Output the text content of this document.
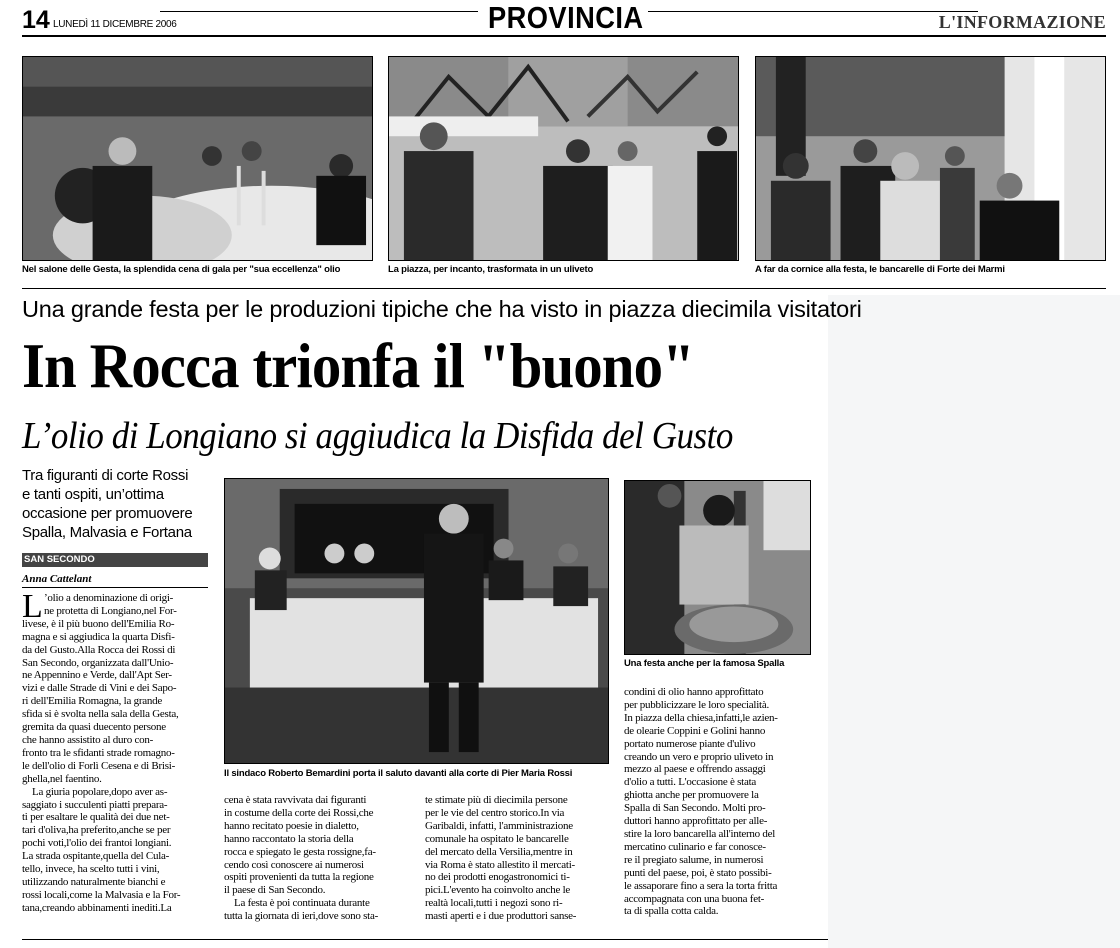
14 LUNEDÌ 11 DICEMBRE 2006	PROVINCIA	L'INFORMAZIONE
Nel salone delle Gesta, la splendida cena di gala per "sua eccellenza" olio	La piazza, per incanto, trasformata in un uliveto	A far da cornice alla festa, le bancarelle di Forte dei Marmi
Una grande festa per le produzioni tipiche che ha visto in piazza diecimila visitatori
In Rocca trionfa il "buono"
L’olio di Longiano si aggiudica la Disfida del Gusto
Tra figuranti di corte Rossi
e tanti ospiti, un’ottima
occasione per promuovere
Spalla, Malvasia e Fortana
SAN SECONDO
Anna Cattelant
Il sindaco Roberto Bemardini porta il saluto davanti alla corte di Pier Maria Rossi
Una festa anche per la famosa Spalla
L ’olio a denominazione di origi-
ne protetta di Longiano,nel For-
livese, è il più buono dell'Emilia Ro-
magna e si aggiudica la quarta Disfi-
da del Gusto.Alla Rocca dei Rossi di
San Secondo, organizzata dall'Unio-
ne Appennino e Verde, dall'Apt Ser-
vizi e dalle Strade di Vini e dei Sapo-
ri dell'Emilia Romagna, la grande
sfida si è svolta nella sala della Gesta,
gremita da quasi duecento persone
che hanno assistito al duro con-
fronto tra le sfidanti strade romagno-
le dell'olio di Forlì Cesena e di Brisi-
ghella,nel faentino.
La giuria popolare,dopo aver as-
saggiato i succulenti piatti prepara-
ti per esaltare le qualità dei due net-
tari d'oliva,ha preferito,anche se per
pochi voti,l'olio dei frantoi longiani.
La strada ospitante,quella del Cula-
tello, invece, ha scelto tutti i vini,
utilizzando naturalmente bianchi e
rossi locali,come la Malvasia e la For-
tana,creando abbinamenti inediti.La
cena è stata ravvivata dai figuranti
in costume della corte dei Rossi,che
hanno recitato poesie in dialetto,
hanno raccontato la storia della
rocca e spiegato le gesta rossigne,fa-
cendo così conoscere ai numerosi
ospiti provenienti da tutta la regione
il paese di San Secondo.
La festa è poi continuata durante
tutta la giornata di ieri,dove sono sta-
te stimate più di diecimila persone
per le vie del centro storico.In via
Garibaldi, infatti, l'amministrazione
comunale ha ospitato le bancarelle
del mercato della Versilia,mentre in
via Roma è stato allestito il mercati-
no dei prodotti enogastronomici ti-
pici.L'evento ha coinvolto anche le
realtà locali,tutti i negozi sono ri-
masti aperti e i due produttori sanse-
condini di olio hanno approfittato
per pubblicizzare le loro specialità.
In piazza della chiesa,infatti,le azien-
de olearie Coppini e Golini hanno
portato numerose piante d'ulivo
creando un vero e proprio uliveto in
mezzo al paese e offrendo assaggi
d'olio a tutti. L'occasione è stata
ghiotta anche per promuovere la
Spalla di San Secondo. Molti pro-
duttori hanno approfittato per alle-
stire la loro bancarella all'interno del
mercatino culinario e far conosce-
re il pregiato salume, in numerosi
punti del paese, poi, è stato possibi-
le assaporare fino a sera la torta fritta
accompagnata con una buona fet-
ta di spalla cotta calda.
